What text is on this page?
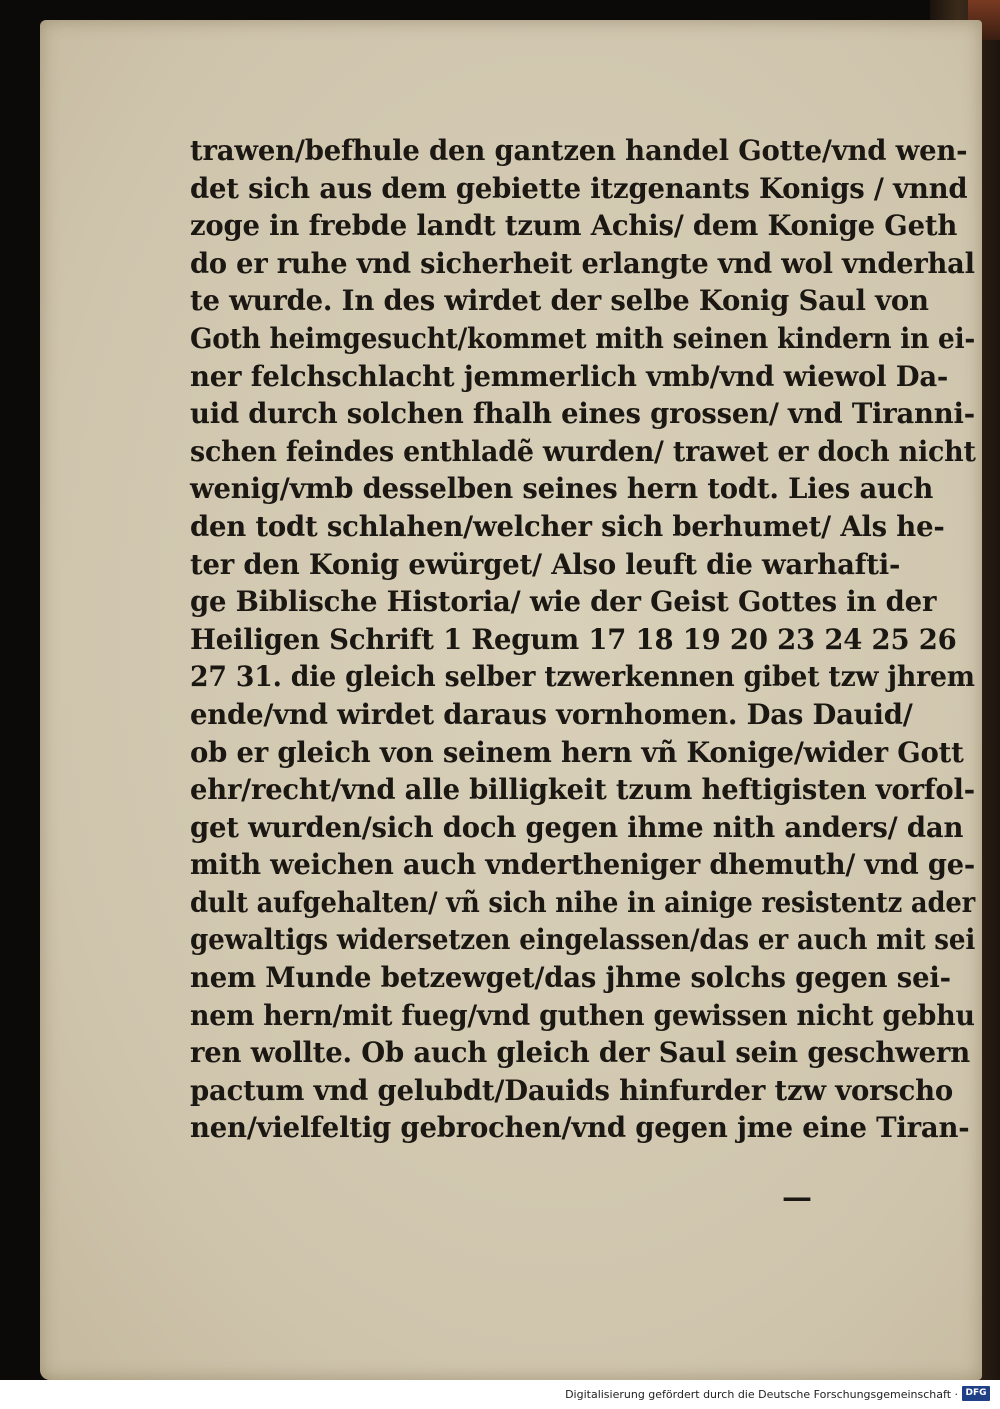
trawen/befhule den gantzen handel Gotte/vnd wen-
det sich aus dem gebiette itzgenants Konigs / vnnd
zoge in frebde landt tzum Achis/ dem Konige Geth
do er ruhe vnd sicherheit erlangte vnd wol vnderhal
te wurde. In des wirdet der selbe Konig Saul von
Goth heimgesucht/kommet mith seinen kindern in ei-
ner felchschlacht jemmerlich vmb/vnd wiewol Da-
uid durch solchen fhalh eines grossen/ vnd Tiranni-
schen feindes enthladẽ wurden/ trawet er doch nicht
wenig/vmb desselben seines hern todt. Lies auch
den todt schlahen/welcher sich berhumet/ Als he-
ter den Konig ewürget/ Also leuft die warhafti-
ge Biblische Historia/ wie der Geist Gottes in der
Heiligen Schrift 1 Regum 17 18 19 20 23 24 25 26
27 31. die gleich selber tzwerkennen gibet tzw jhrem
ende/vnd wirdet daraus vornhomen. Das Dauid/
ob er gleich von seinem hern vñ Konige/wider Gott
ehr/recht/vnd alle billigkeit tzum heftigisten vorfol-
get wurden/sich doch gegen ihme nith anders/ dan
mith weichen auch vndertheniger dhemuth/ vnd ge-
dult aufgehalten/ vñ sich nihe in ainige resistentz ader
gewaltigs widersetzen eingelassen/das er auch mit sei
nem Munde betzewget/das jhme solchs gegen sei-
nem hern/mit fueg/vnd guthen gewissen nicht gebhu
ren wollte. Ob auch gleich der Saul sein geschwern
pactum vnd gelubdt/Dauids hinfurder tzw vorscho
nen/vielfeltig gebrochen/vnd gegen jme eine Tiran-
—
Digitalisierung gefördert durch die Deutsche Forschungsgemeinschaft · DFG
